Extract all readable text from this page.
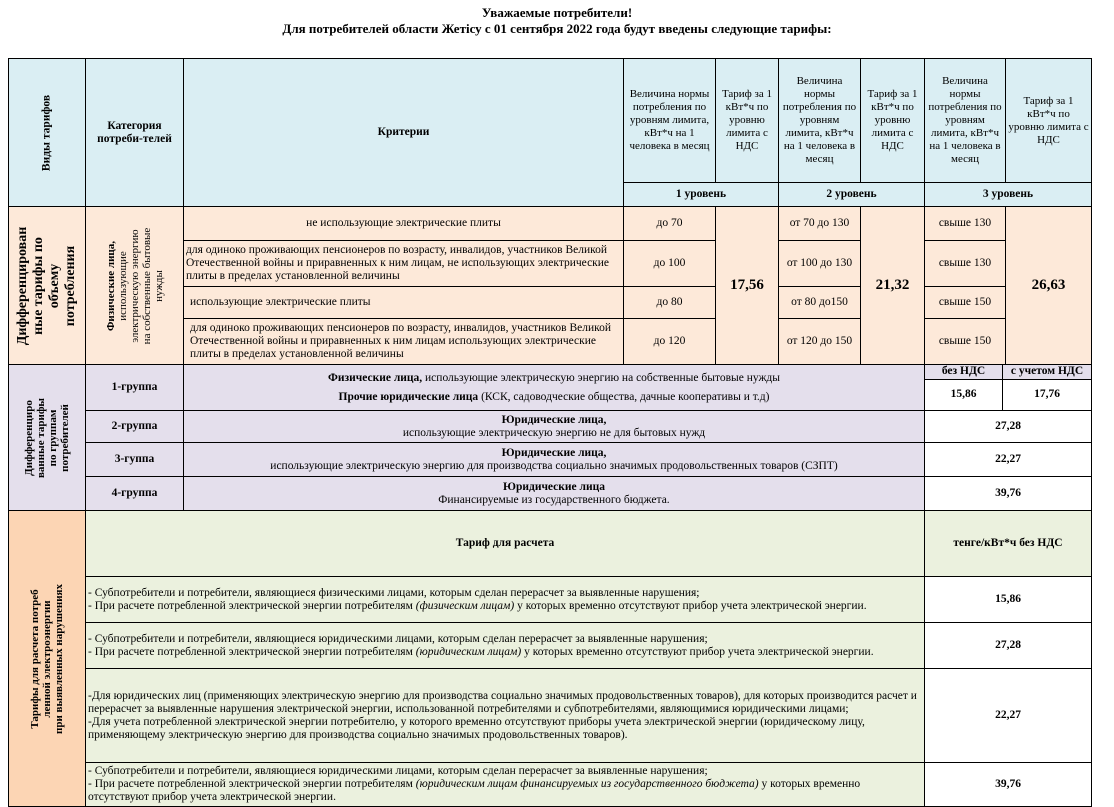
Уважаемые потребители!
Для потребителей области Жетісу с 01 сентября 2022 года будут введены следующие тарифы:
Виды тарифов	Категория потреби-телей	Критерии	Величина нормы потребления по уровням лимита, кВт*ч на 1 человека в месяц	Тариф за 1 кВт*ч по уровню лимита с НДС	Величина нормы потребления по уровням лимита, кВт*ч на 1 человека в месяц	Тариф за 1 кВт*ч по уровню лимита с НДС	Величина нормы потребления по уровням лимита, кВт*ч на 1 человека в месяц	Тариф за 1 кВт*ч по уровню лимита с НДС
1 уровень	2 уровень	3 уровень

Дифференцирован
ные тарифы по
объему
потребления	Физические лица,
использующие
электрическую энергию
на собственные бытовые
нужды
	не использующие электрические плиты	до 70	17,56	от 70 до 130	21,32	свыше 130	26,63
для одиноко проживающих пенсионеров по возрасту, инвалидов, участников Великой Отечественной войны и приравненных к ним лицам, не использующих электрические плиты в пределах установленной величины	до 100	от 100 до 130	свыше 130
использующие электрические плиты	до 80	от 80 до150	свыше 150
для одиноко проживающих пенсионеров по возрасту, инвалидов, участников Великой Отечественной войны и приравненных к ним лицам использующих электрические плиты в пределах установленной величины	до 120	от 120 до 150	свыше 150

Дифференциро
ванные тарифы
по группам
потребителей
	1-группа	
Физические лица, использующие электрическую энергию на собственные бытовые нужды
Прочие юридические лица (КСК, садоводческие общества, дачные кооперативы и т.д)

без НДС	с учетом НДС
15,86	17,76

2-группа	
Юридические лица,
использующие электрическую энергию не для бытовых нужд
	27,28	
3-гуппа	
Юридические лица,
использующие электрическую энергию для производства социально значимых продовольственных товаров (СЗПТ)
	22,27	
4-группа	
Юридические лица
Финансируемые из государственного бюджета.
	39,76	

Тарифы для расчета потреб
ленной электроэнергии
при выявленных нарушениях
	Тариф для расчета	тенге/кВт*ч без НДС	

- Субпотребители и потребители, являющиеся физическими лицами, которым сделан перерасчет за выявленные нарушения;
- При расчете потребленной электрической энергии потребителям (физическим лицам) у которых временно отсутствуют прибор учета электрической энергии.
	15,86	

- Субпотребители и потребители, являющиеся юридическими лицами, которым сделан перерасчет за выявленные нарушения;
- При расчете потребленной электрической энергии потребителям (юридическим лицам) у которых временно отсутствуют прибор учета электрической энергии.
	27,28	

-Для юридических лиц (применяющих электрическую энергию для производства социально значимых продовольственных товаров), для которых производится расчет и перерасчет за выявленные нарушения электрической энергии, использованной потребителями и субпотребителями, являющимися юридическими лицами;
-Для учета потребленной электрической энергии потребителю, у которого временно отсутствуют приборы учета электрической энергии (юридическому лицу, применяющему электрическую энергию для производства социально значимых продовольственных товаров).
	22,27	

- Субпотребители и потребители, являющиеся юридическими лицами, которым сделан перерасчет за выявленные нарушения;
- При расчете потребленной электрической энергии потребителям (юридическим лицам финансируемых из государственного бюджета) у которых временно отсутствуют прибор учета электрической энергии.
	39,76	
